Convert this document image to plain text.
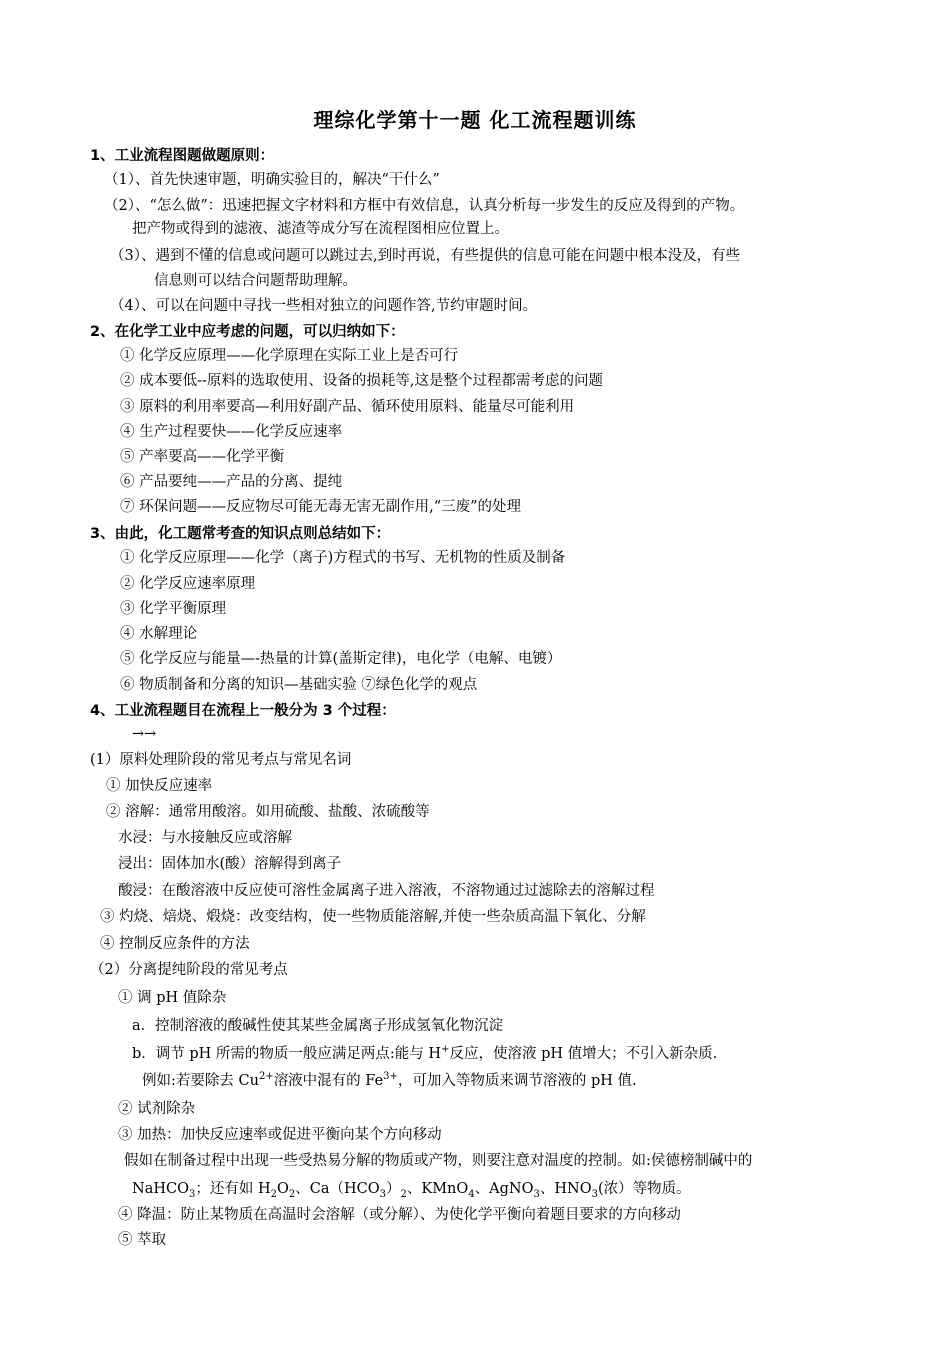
理综化学第十一题 化工流程题训练
1、工业流程图题做题原则：
（1）、首先快速审题，明确实验目的，解决“干什么”
（2）、“怎么做”：迅速把握文字材料和方框中有效信息，认真分析每一步发生的反应及得到的产物。
把产物或得到的滤液、滤渣等成分写在流程图相应位置上。
（3）、遇到不懂的信息或问题可以跳过去,到时再说，有些提供的信息可能在问题中根本没及，有些
信息则可以结合问题帮助理解。
（4）、可以在问题中寻找一些相对独立的问题作答,节约审题时间。
2、在化学工业中应考虑的问题，可以归纳如下：
① 化学反应原理——化学原理在实际工业上是否可行
② 成本要低--原料的选取使用、设备的损耗等,这是整个过程都需考虑的问题
③ 原料的利用率要高—利用好副产品、循环使用原料、能量尽可能利用
④ 生产过程要快——化学反应速率
⑤ 产率要高——化学平衡
⑥ 产品要纯——产品的分离、提纯
⑦ 环保问题——反应物尽可能无毒无害无副作用,“三废”的处理
3、由此，化工题常考查的知识点则总结如下：
① 化学反应原理——化学（离子)方程式的书写、无机物的性质及制备
② 化学反应速率原理
③ 化学平衡原理
④ 水解理论
⑤ 化学反应与能量—-热量的计算(盖斯定律)，电化学（电解、电镀）
⑥ 物质制备和分离的知识—基础实验 ⑦绿色化学的观点
4、工业流程题目在流程上一般分为 3 个过程：
→→
(1）原料处理阶段的常见考点与常见名词
① 加快反应速率
② 溶解：通常用酸溶。如用硫酸、盐酸、浓硫酸等
水浸：与水接触反应或溶解
浸出：固体加水(酸）溶解得到离子
酸浸：在酸溶液中反应使可溶性金属离子进入溶液，不溶物通过过滤除去的溶解过程
③ 灼烧、焙烧、煅烧：改变结构，使一些物质能溶解,并使一些杂质高温下氧化、分解
④ 控制反应条件的方法
（2）分离提纯阶段的常见考点
① 调 pH 值除杂
a．控制溶液的酸碱性使其某些金属离子形成氢氧化物沉淀
b．调节 pH 所需的物质一般应满足两点:能与 H+反应，使溶液 pH 值增大；不引入新杂质.
例如:若要除去 $Cu^{2+}$溶液中混有的 $Fe^{3+}$，可加入等物质来调节溶液的 pH 值.
② 试剂除杂
③ 加热：加快反应速率或促进平衡向某个方向移动
假如在制备过程中出现一些受热易分解的物质或产物，则要注意对温度的控制。如:侯德榜制碱中的
NaHCO$_3$；还有如 $H_2O_2$、$Ca(HCO_3)_2$、KMnO$_4$、AgNO$_3$、$HNO_3$(浓）等物质。
④ 降温：防止某物质在高温时会溶解（或分解）、为使化学平衡向着题目要求的方向移动
⑤ 萃取
